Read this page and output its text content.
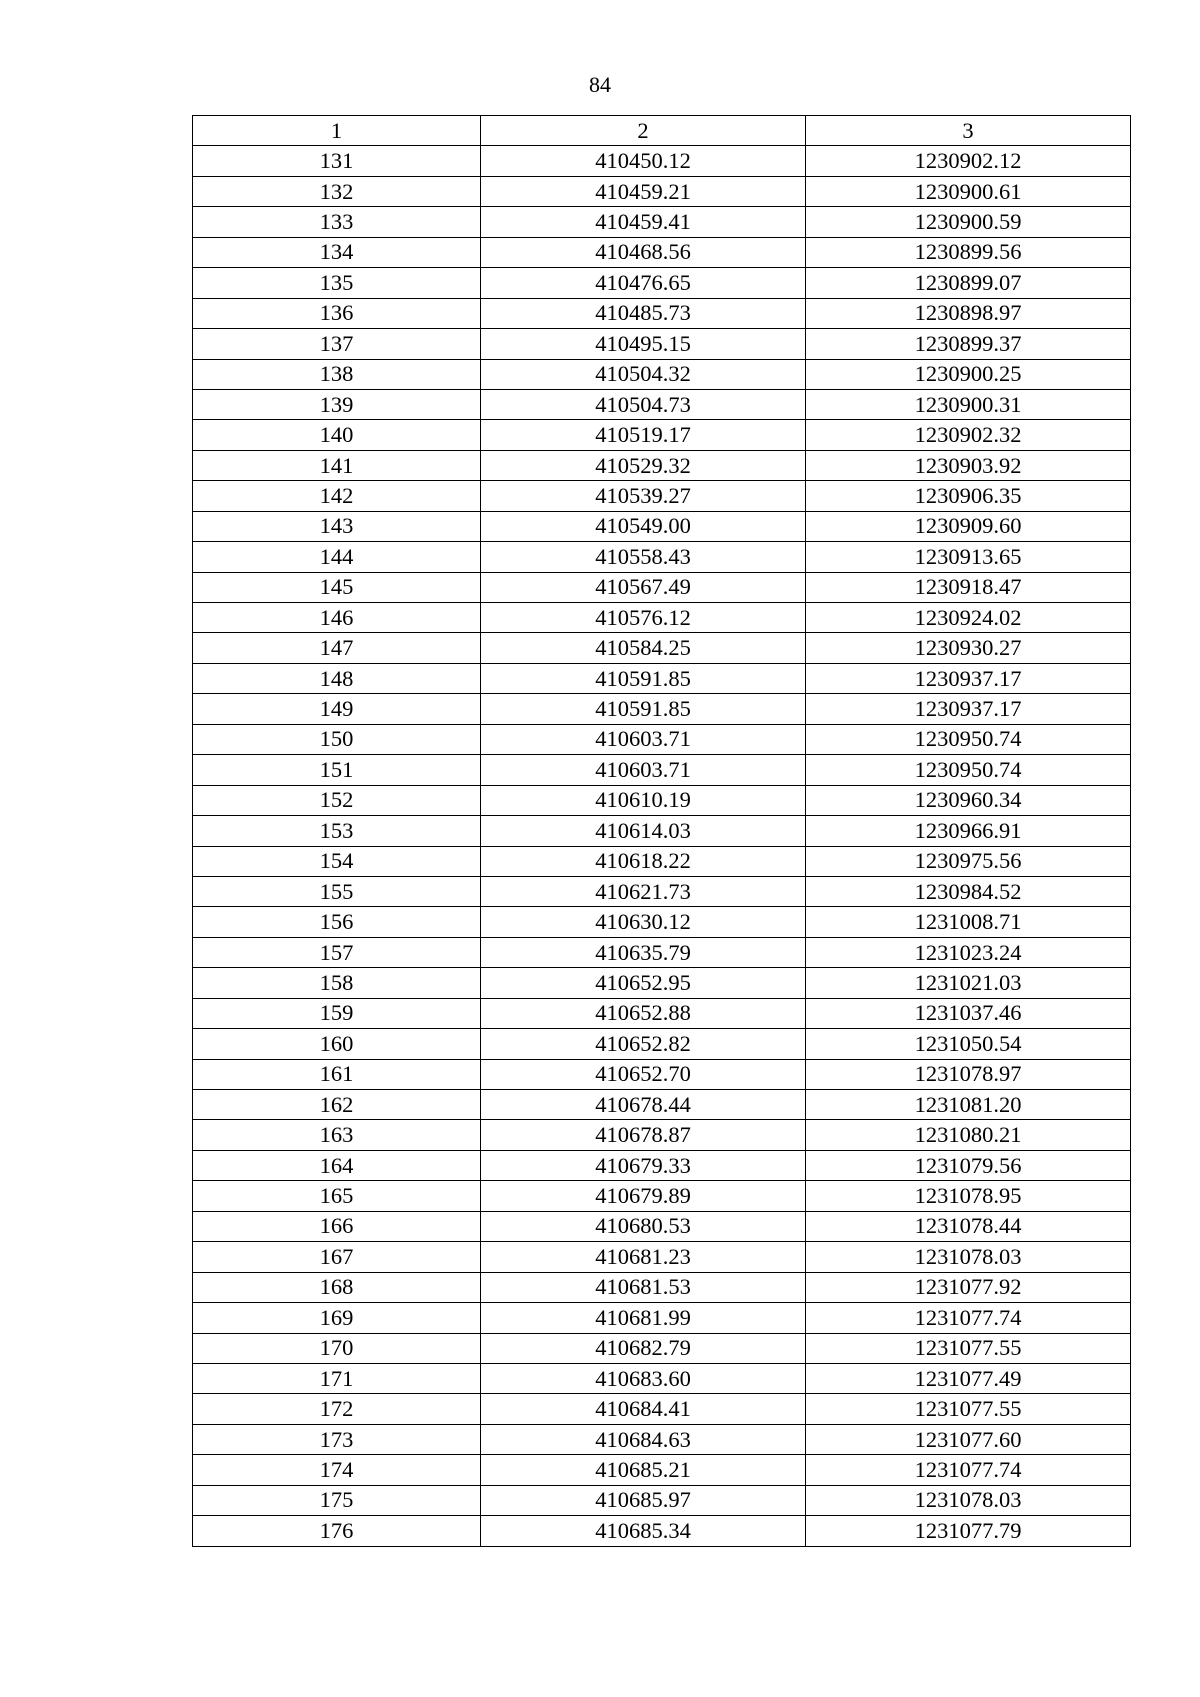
84
1	2	3
131	410450.12	1230902.12
132	410459.21	1230900.61
133	410459.41	1230900.59
134	410468.56	1230899.56
135	410476.65	1230899.07
136	410485.73	1230898.97
137	410495.15	1230899.37
138	410504.32	1230900.25
139	410504.73	1230900.31
140	410519.17	1230902.32
141	410529.32	1230903.92
142	410539.27	1230906.35
143	410549.00	1230909.60
144	410558.43	1230913.65
145	410567.49	1230918.47
146	410576.12	1230924.02
147	410584.25	1230930.27
148	410591.85	1230937.17
149	410591.85	1230937.17
150	410603.71	1230950.74
151	410603.71	1230950.74
152	410610.19	1230960.34
153	410614.03	1230966.91
154	410618.22	1230975.56
155	410621.73	1230984.52
156	410630.12	1231008.71
157	410635.79	1231023.24
158	410652.95	1231021.03
159	410652.88	1231037.46
160	410652.82	1231050.54
161	410652.70	1231078.97
162	410678.44	1231081.20
163	410678.87	1231080.21
164	410679.33	1231079.56
165	410679.89	1231078.95
166	410680.53	1231078.44
167	410681.23	1231078.03
168	410681.53	1231077.92
169	410681.99	1231077.74
170	410682.79	1231077.55
171	410683.60	1231077.49
172	410684.41	1231077.55
173	410684.63	1231077.60
174	410685.21	1231077.74
175	410685.97	1231078.03
176	410685.34	1231077.79
